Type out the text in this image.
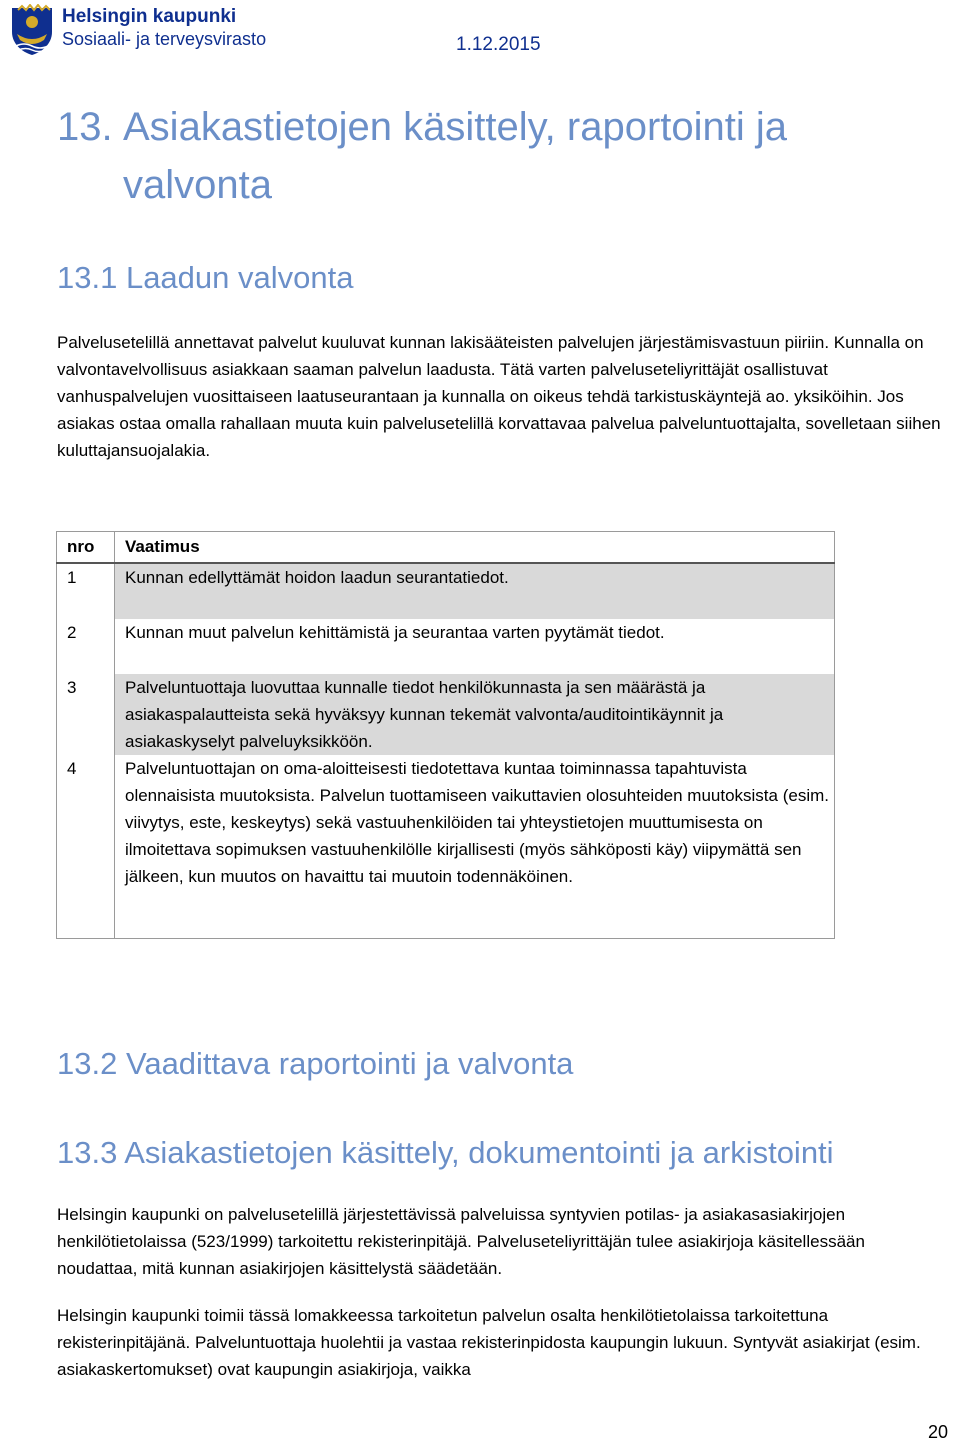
Helsingin kaupunki
Sosiaali- ja terveysvirasto	1.12.2015
13. Asiakastietojen käsittely, raportointi ja
valvonta
13.1 Laadun valvonta
Palvelusetelillä annettavat palvelut kuuluvat kunnan lakisääteisten palvelujen järjestämisvastuun piiriin. Kunnalla on valvontavelvollisuus asiakkaan saaman palvelun laadusta. Tätä varten palveluseteliyrittäjät osallistuvat vanhuspalvelujen vuosittaiseen laatuseurantaan ja kunnalla on oikeus tehdä tarkistuskäyntejä ao. yksiköihin. Jos asiakas ostaa omalla rahallaan muuta kuin palvelusetelillä korvattavaa palvelua palveluntuottajalta, sovelletaan siihen kuluttajansuojalakia.
nro	Vaatimus
1	Kunnan edellyttämät hoidon laadun seurantatiedot.
2	Kunnan muut palvelun kehittämistä ja seurantaa varten pyytämät tiedot.
3	Palveluntuottaja luovuttaa kunnalle tiedot henkilökunnasta ja sen määrästä ja asiakaspalautteista sekä hyväksyy kunnan tekemät valvonta/auditointikäynnit ja asiakaskyselyt palveluyksikköön.
4	Palveluntuottajan on oma-aloitteisesti tiedotettava kuntaa toiminnassa tapahtuvista olennaisista muutoksista. Palvelun tuottamiseen vaikuttavien olosuhteiden muutoksista (esim. viivytys, este, keskeytys) sekä vastuuhenkilöiden tai yhteystietojen muuttumisesta on ilmoitettava sopimuksen vastuuhenkilölle kirjallisesti (myös sähköposti käy) viipymättä sen jälkeen, kun muutos on havaittu tai muutoin todennäköinen.
13.2 Vaadittava raportointi ja valvonta
13.3 Asiakastietojen käsittely, dokumentointi ja arkistointi
Helsingin kaupunki on palvelusetelillä järjestettävissä palveluissa syntyvien potilas- ja asiakasasiakirjojen henkilötietolaissa (523/1999) tarkoitettu rekisterinpitäjä. Palveluseteliyrittäjän tulee asiakirjoja käsitellessään noudattaa, mitä kunnan asiakirjojen käsittelystä säädetään.
Helsingin kaupunki toimii tässä lomakkeessa tarkoitetun palvelun osalta henkilötietolaissa tarkoitettuna rekisterinpitäjänä. Palveluntuottaja huolehtii ja vastaa rekisterinpidosta kaupungin lukuun. Syntyvät asiakirjat (esim. asiakaskertomukset) ovat kaupungin asiakirjoja, vaikka
20
